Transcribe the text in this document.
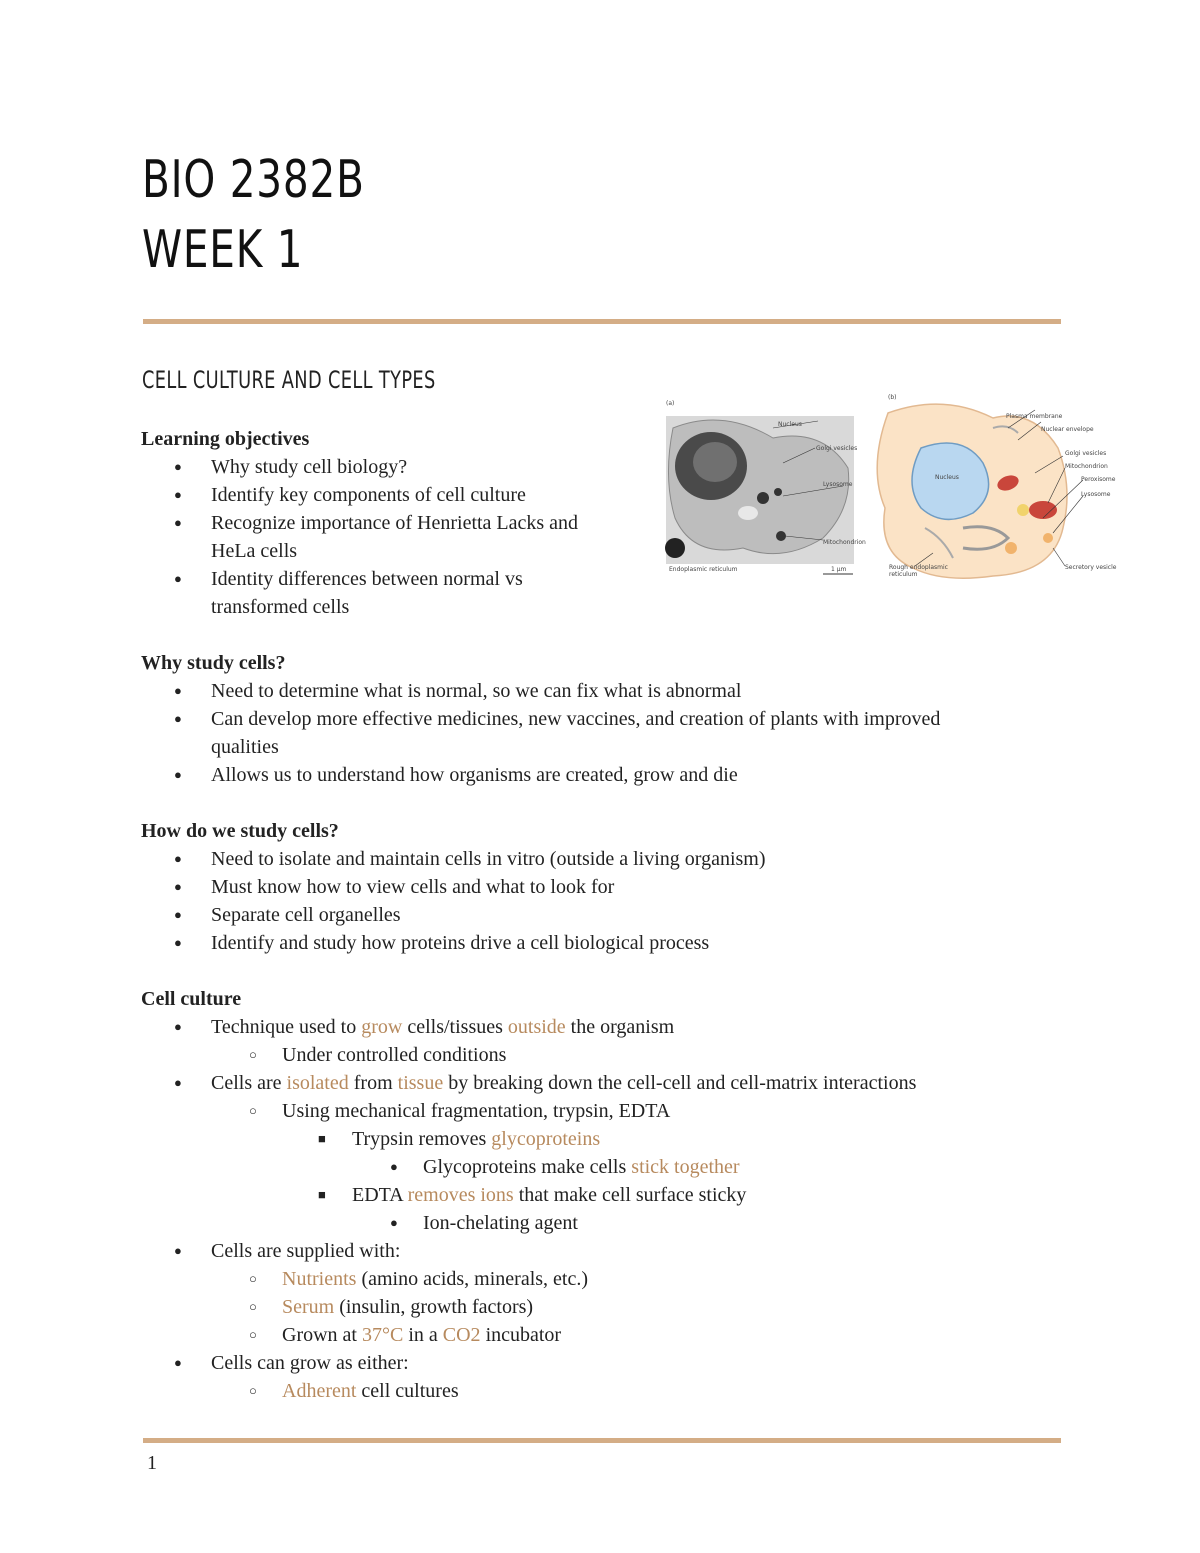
BIO 2382B
WEEK 1
CELL CULTURE AND CELL TYPES
(a)
(b)
Nucleus
Golgi vesicles
Lysosome
Mitochondrion
Endoplasmic reticulum	1 µm
Plasma membrane
Nuclear envelope
Golgi vesicles
Mitochondrion
Peroxisome
Lysosome
Nucleus
Rough endoplasmic reticulum
Secretory vesicle

Learning objectives

● Why study cell biology?
● Identify key components of cell culture
● Recognize importance of Henrietta Lacks and HeLa cells
● Identity differences between normal vs transformed cells

Why study cells?

● Need to determine what is normal, so we can fix what is abnormal
● Can develop more effective medicines, new vaccines, and creation of plants with improved qualities
● Allows us to understand how organisms are created, grow and die

How do we study cells?

● Need to isolate and maintain cells in vitro (outside a living organism)
● Must know how to view cells and what to look for
● Separate cell organelles
● Identify and study how proteins drive a cell biological process

Cell culture

● Technique used to grow cells/tissues outside the organism
○ Under controlled conditions
● Cells are isolated from tissue by breaking down the cell-cell and cell-matrix interactions
○ Using mechanical fragmentation, trypsin, EDTA
■ Trypsin removes glycoproteins
● Glycoproteins make cells stick together
■ EDTA removes ions that make cell surface sticky
● Ion-chelating agent
● Cells are supplied with:
○ Nutrients (amino acids, minerals, etc.)
○ Serum (insulin, growth factors)
○ Grown at 37°C in a CO2 incubator
● Cells can grow as either:
○ Adherent cell cultures
1
